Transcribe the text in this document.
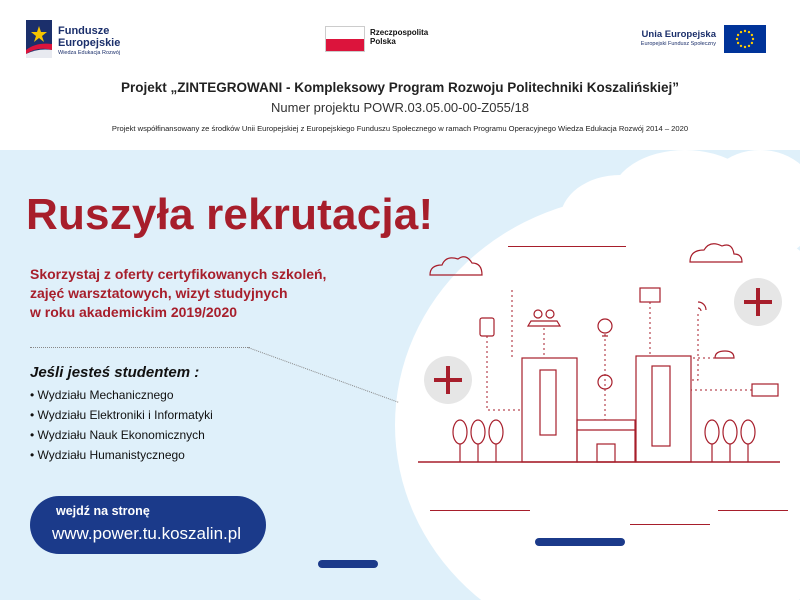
Fundusze
Europejskie
Wiedza Edukacja Rozwój
Rzeczpospolita
Polska
Unia Europejska
Europejski Fundusz Społeczny
Projekt „ZINTEGROWANI - Kompleksowy Program Rozwoju Politechniki Koszalińskiej”
Numer projektu POWR.03.05.00-00-Z055/18
Projekt współfinansowany ze środków Unii Europejskiej z Europejskiego Funduszu Społecznego w ramach Programu Operacyjnego Wiedza Edukacja Rozwój 2014 – 2020
Ruszyła rekrutacja!
Skorzystaj z oferty certyfikowanych szkoleń,
zajęć warsztatowych, wizyt studyjnych
w roku akademickim 2019/2020
Jeśli jesteś studentem :
• Wydziału Mechanicznego
• Wydziału Elektroniki i Informatyki
• Wydziału Nauk Ekonomicznych
• Wydziału Humanistycznego
wejdź na stronę
www.power.tu.koszalin.pl
